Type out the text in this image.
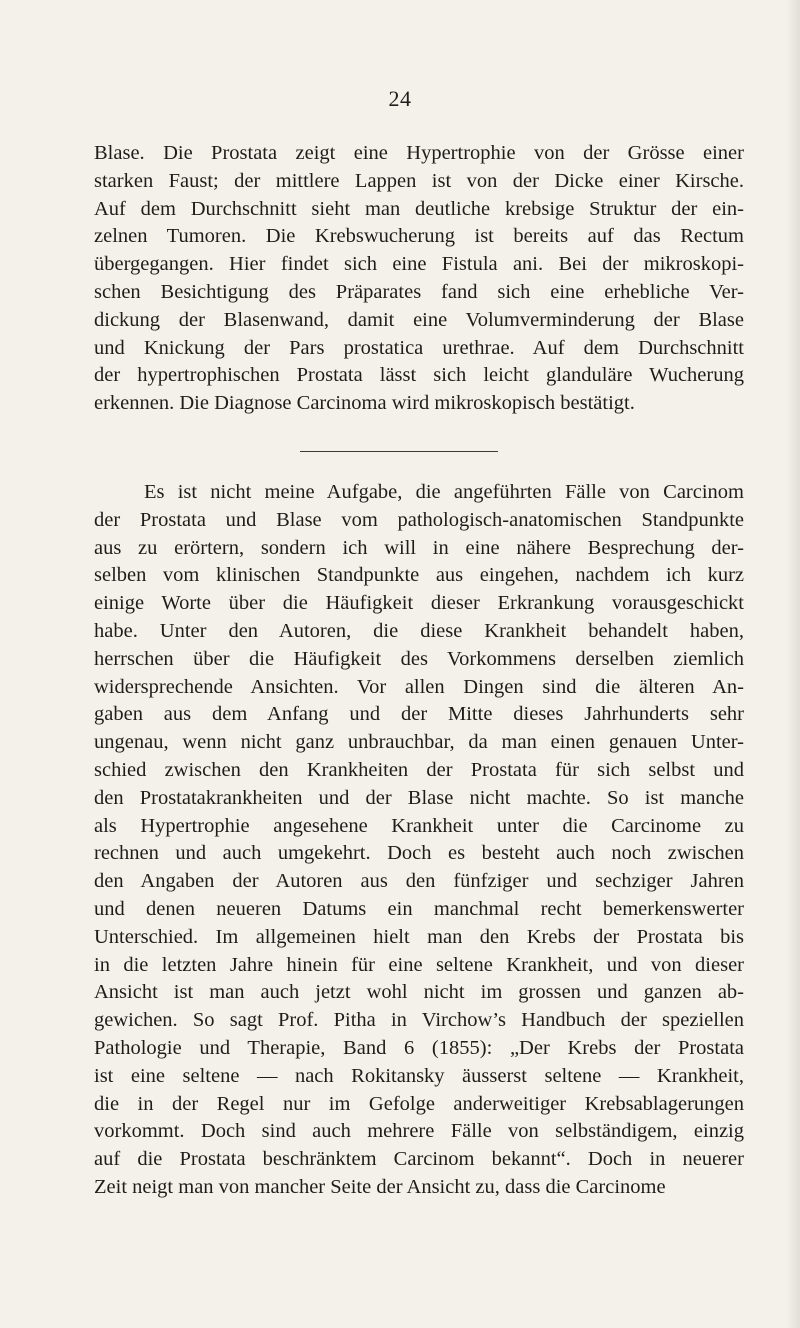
24
Blase. Die Prostata zeigt eine Hypertrophie von der Grösse einer
starken Faust; der mittlere Lappen ist von der Dicke einer Kirsche.
Auf dem Durchschnitt sieht man deutliche krebsige Struktur der ein-
zelnen Tumoren. Die Krebswucherung ist bereits auf das Rectum
übergegangen. Hier findet sich eine Fistula ani. Bei der mikroskopi-
schen Besichtigung des Präparates fand sich eine erhebliche Ver-
dickung der Blasenwand, damit eine Volumverminderung der Blase
und Knickung der Pars prostatica urethrae. Auf dem Durchschnitt
der hypertrophischen Prostata lässt sich leicht glanduläre Wucherung
erkennen. Die Diagnose Carcinoma wird mikroskopisch bestätigt.
Es ist nicht meine Aufgabe, die angeführten Fälle von Carcinom
der Prostata und Blase vom pathologisch-anatomischen Standpunkte
aus zu erörtern, sondern ich will in eine nähere Besprechung der-
selben vom klinischen Standpunkte aus eingehen, nachdem ich kurz
einige Worte über die Häufigkeit dieser Erkrankung vorausgeschickt
habe. Unter den Autoren, die diese Krankheit behandelt haben,
herrschen über die Häufigkeit des Vorkommens derselben ziemlich
widersprechende Ansichten. Vor allen Dingen sind die älteren An-
gaben aus dem Anfang und der Mitte dieses Jahrhunderts sehr
ungenau, wenn nicht ganz unbrauchbar, da man einen genauen Unter-
schied zwischen den Krankheiten der Prostata für sich selbst und
den Prostatakrankheiten und der Blase nicht machte. So ist manche
als Hypertrophie angesehene Krankheit unter die Carcinome zu
rechnen und auch umgekehrt. Doch es besteht auch noch zwischen
den Angaben der Autoren aus den fünfziger und sechziger Jahren
und denen neueren Datums ein manchmal recht bemerkenswerter
Unterschied. Im allgemeinen hielt man den Krebs der Prostata bis
in die letzten Jahre hinein für eine seltene Krankheit, und von dieser
Ansicht ist man auch jetzt wohl nicht im grossen und ganzen ab-
gewichen. So sagt Prof. Pitha in Virchow’s Handbuch der speziellen
Pathologie und Therapie, Band 6 (1855): „Der Krebs der Prostata
ist eine seltene — nach Rokitansky äusserst seltene — Krankheit,
die in der Regel nur im Gefolge anderweitiger Krebsablagerungen
vorkommt. Doch sind auch mehrere Fälle von selbständigem, einzig
auf die Prostata beschränktem Carcinom bekannt“. Doch in neuerer
Zeit neigt man von mancher Seite der Ansicht zu, dass die Carcinome
